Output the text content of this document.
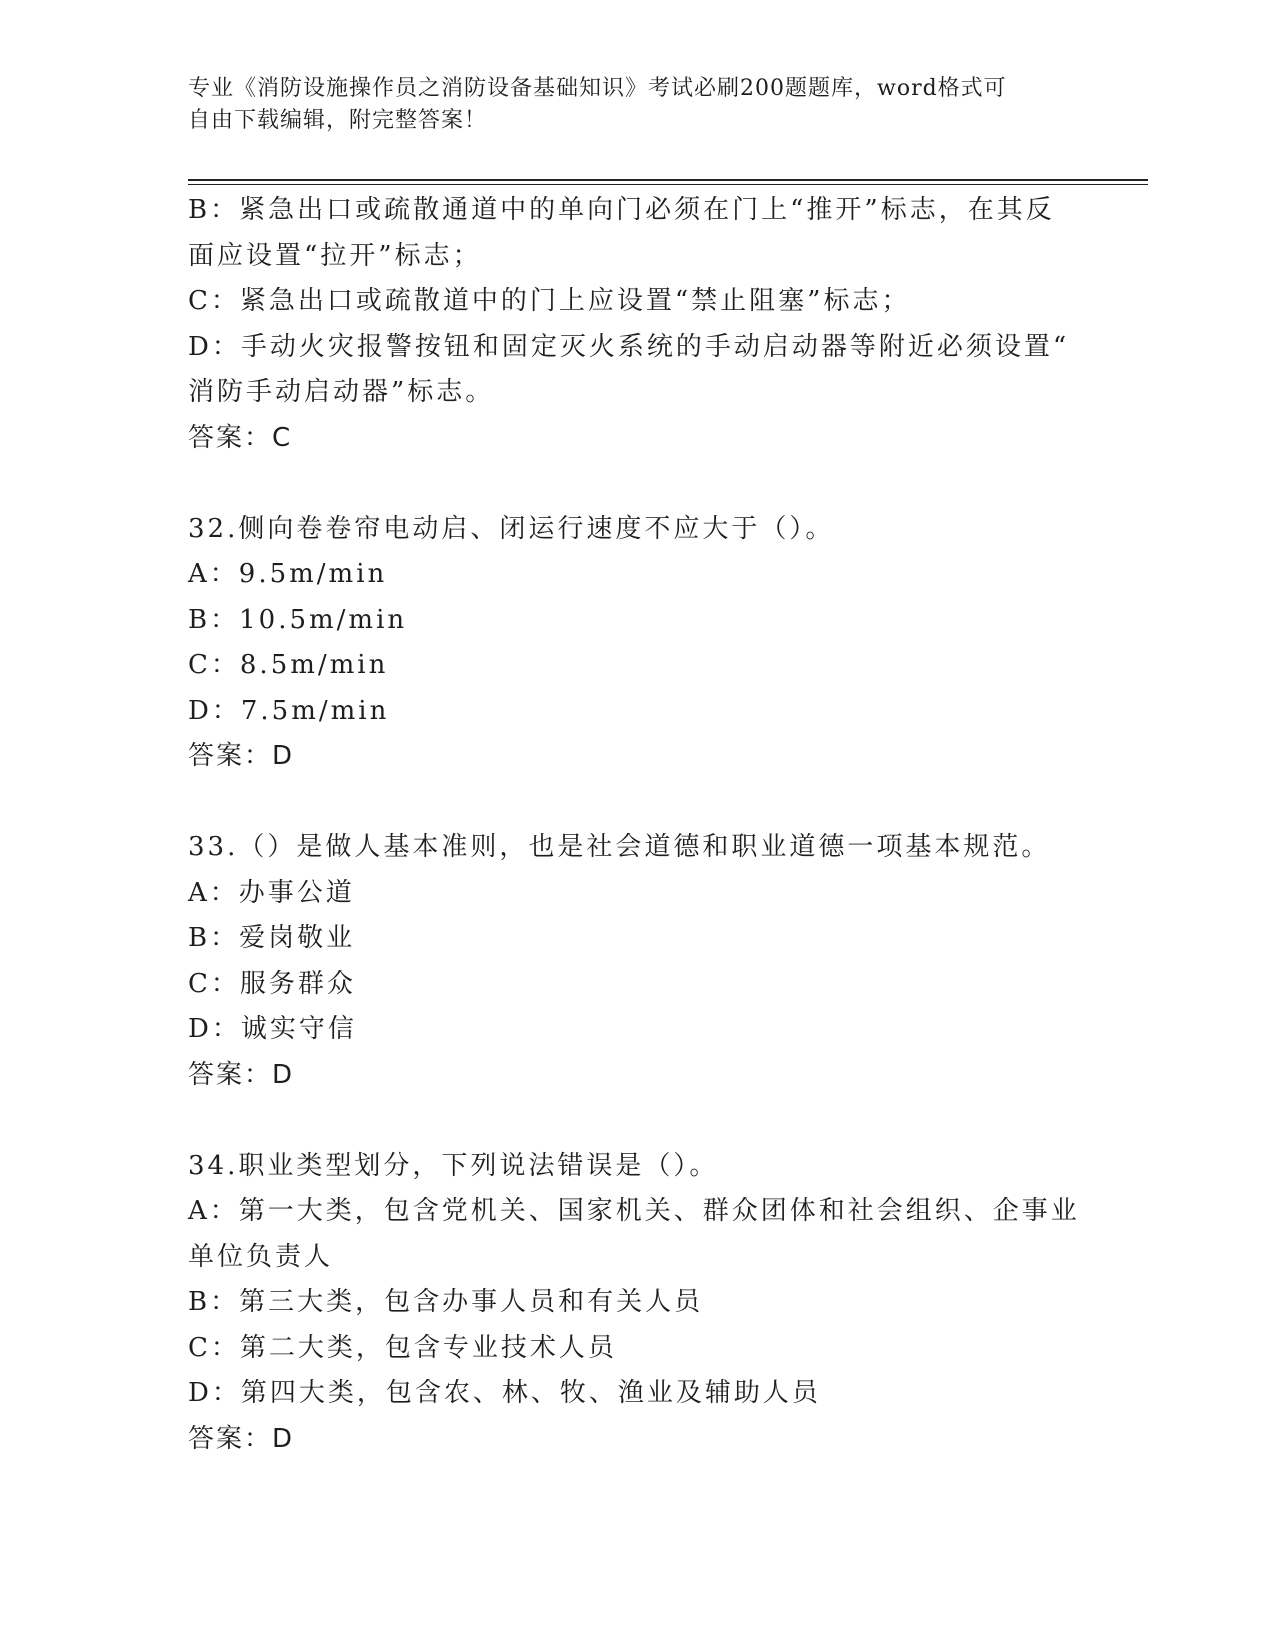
专业《消防设施操作员之消防设备基础知识》考试必刷200题题库，word格式可
自由下载编辑，附完整答案！
B：紧急出口或疏散通道中的单向门必须在门上“推开”标志，在其反
面应设置“拉开”标志；
C：紧急出口或疏散道中的门上应设置“禁止阻塞”标志；
D：手动火灾报警按钮和固定灭火系统的手动启动器等附近必须设置“
消防手动启动器”标志。
答案：C
32.侧向卷卷帘电动启、闭运行速度不应大于（）。
A：9.5m/min
B：10.5m/min
C：8.5m/min
D：7.5m/min
答案：D
33.（）是做人基本准则，也是社会道德和职业道德一项基本规范。
A：办事公道
B：爱岗敬业
C：服务群众
D：诚实守信
答案：D
34.职业类型划分，下列说法错误是（）。
A：第一大类，包含党机关、国家机关、群众团体和社会组织、企事业
单位负责人
B：第三大类，包含办事人员和有关人员
C：第二大类，包含专业技术人员
D：第四大类，包含农、林、牧、渔业及辅助人员
答案：D
